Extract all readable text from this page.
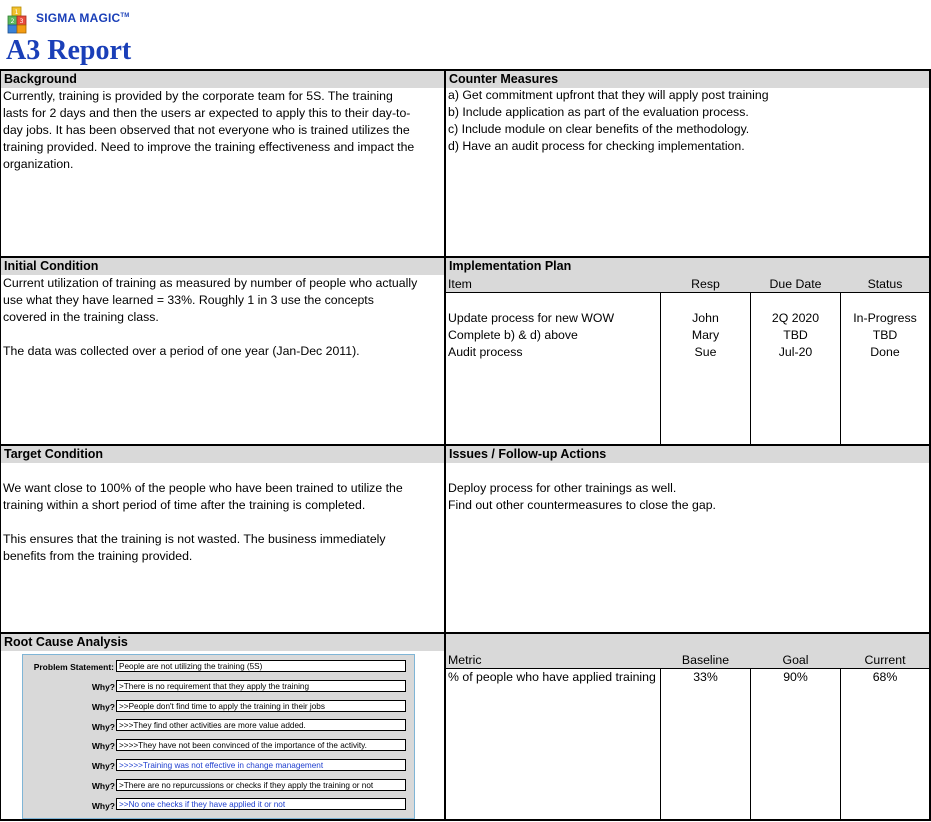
1
2 3 SIGMA MAGIC™
A3 Report
Background
Currently, training is provided by the corporate team for 5S. The training
lasts for 2 days and then the users ar expected to apply this to their day-to-
day jobs. It has been observed that not everyone who is trained utilizes the
training provided. Need to improve the training effectiveness and impact the
organization.
Counter Measures
a) Get commitment upfront that they will apply post training
b) Include application as part of the evaluation process.
c) Include module on clear benefits of the methodology.
d) Have an audit process for checking implementation.
Initial Condition
Current utilization of training as measured by number of people who actually
use what they have learned = 33%. Roughly 1 in 3 use the concepts
covered in the training class.
The data was collected over a period of one year (Jan-Dec 2011).
Implementation Plan
Item	Resp	Due Date	Status
Update process for new WOW	John	2Q 2020	In-Progress
Complete b) & d) above	Mary	TBD	TBD
Audit process	Sue	Jul-20	Done
Target Condition
We want close to 100% of the people who have been trained to utilize the
training within a short period of time after the training is completed.
This ensures that the training is not wasted. The business immediately
benefits from the training provided.
Issues / Follow-up Actions
Deploy process for other trainings as well.
Find out other countermeasures to close the gap.
Root Cause Analysis
Problem Statement: People are not utilizing the training (5S)
Why? >There is no requirement that they apply the training
Why? >>People don't find time to apply the training in their jobs
Why? >>>They find other activities are more value added.
Why? >>>>They have not been convinced of the importance of the activity.
Why? >>>>>Training was not effective in change management
Why? >There are no repurcussions or checks if they apply the training or not
Why? >>No one checks if they have applied it or not
Metric	Baseline	Goal	Current
% of people who have applied training	33%	90%	68%
